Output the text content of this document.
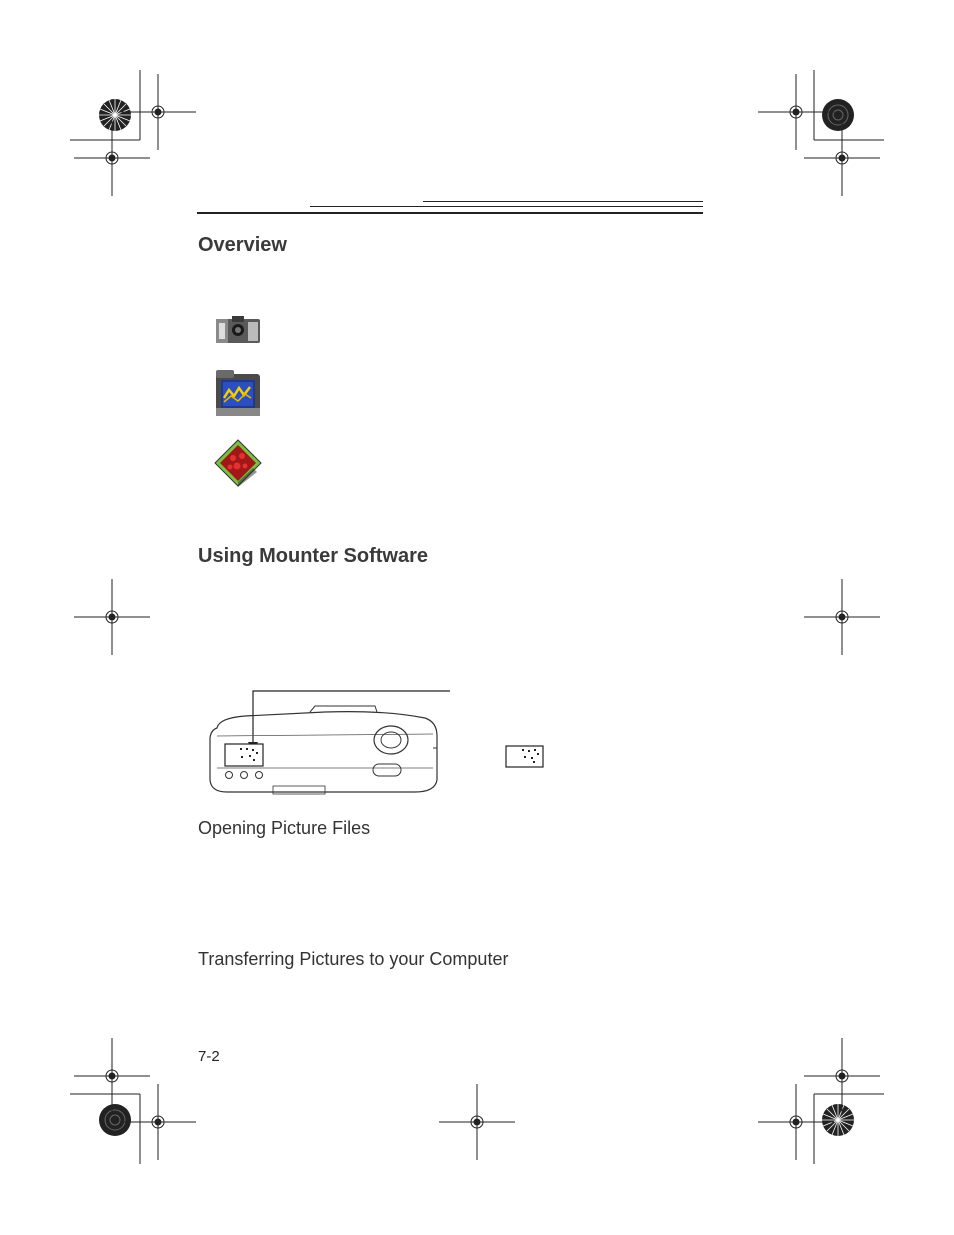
Overview
Using Mounter Software

Opening Picture Files

Transferring Pictures to your Computer

7-2
